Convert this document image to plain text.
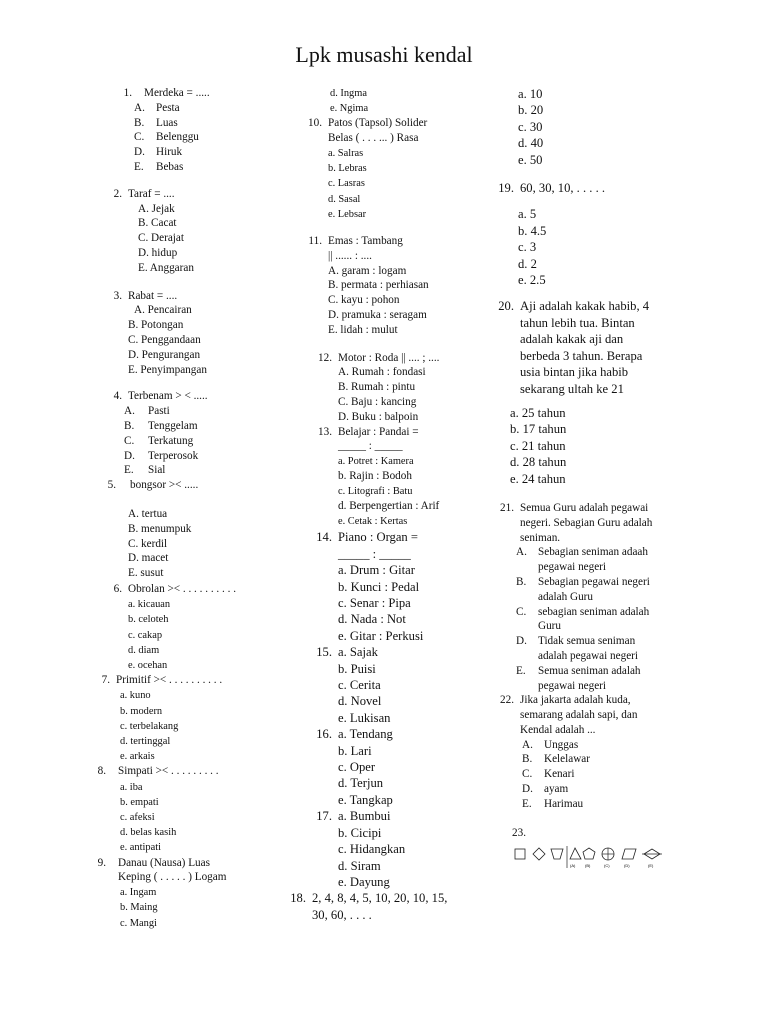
Lpk musashi kendal
1.	Merdeka = .....
A. Pesta
B.	Luas
C.	Belenggu
D. Hiruk
E.	Bebas
2. Taraf = ....
A. Jejak
B. Cacat
C. Derajat
D. hidup
E. Anggaran
3. Rabat = ....
A. Pencairan
B. Potongan
C. Penggandaan
D. Pengurangan
E. Penyimpangan
4. Terbenam > < .....
A.	Pasti
B.	Tenggelam
C.	Terkatung
D.	Terperosok
E.	Sial
5.	bongsor >< .....
A. tertua
B. menumpuk
C. kerdil
D. macet
E. susut
6. Obrolan >< . . . . . . . . . .
a. kicauan
b. celoteh
c. cakap
d. diam
e. ocehan
7. Primitif >< . . . . . . . . . .
a. kuno
b. modern
c. terbelakang
d. tertinggal
e. arkais
8.	Simpati >< . . . . . . . . .
a. iba
b. empati
c. afeksi
d. belas kasih
e. antipati
9.	Danau (Nausa) Luas
Keping ( . . . . . ) Logam
a. Ingam
b. Maing
c. Mangi
d. Ingma
e. Ngima
10. Patos (Tapsol) Solider
Belas ( . . . ... ) Rasa
a. Salras
b. Lebras
c. Lasras
d. Sasal
e. Lebsar
11. Emas : Tambang
|| ...... : ....
A. garam : logam
B. permata : perhiasan
C. kayu : pohon
D. pramuka : seragam
E. lidah : mulut
12. Motor : Roda || .... ; ....
A. Rumah : fondasi
B. Rumah : pintu
C. Baju : kancing
D. Buku : balpoin
13. Belajar : Pandai =
_____ : _____
a. Potret : Kamera
b. Rajin : Bodoh
c. Litografi : Batu
d. Berpengertian : Arif
e. Cetak : Kertas
14. Piano : Organ =
_____ : _____
a. Drum : Gitar
b. Kunci : Pedal
c. Senar : Pipa
d. Nada : Not
e. Gitar : Perkusi
15. a. Sajak
b. Puisi
c. Cerita
d. Novel
e. Lukisan
16. a. Tendang
b. Lari
c. Oper
d. Terjun
e. Tangkap
17. a. Bumbui
b. Cicipi
c. Hidangkan
d. Siram
e. Dayung
18. 2, 4, 8, 4, 5, 10, 20, 10, 15,
30, 60, . . . .
a. 10
b. 20
c. 30
d. 40
e. 50
19. 60, 30, 10, . . . . .
a. 5
b. 4.5
c. 3
d. 2
e. 2.5
20. Aji adalah kakak habib, 4
tahun lebih tua. Bintan
adalah kakak aji dan
berbeda 3 tahun. Berapa
usia bintan jika habib
sekarang ultah ke 21
a. 25 tahun
b. 17 tahun
c. 21 tahun
d. 28 tahun
e. 24 tahun
21. Semua Guru adalah pegawai
negeri. Sebagian Guru adalah
seniman.
A. Sebagian seniman adaah
pegawai negeri
B.	Sebagian pegawai negeri
adalah Guru
C.	sebagian seniman adalah
Guru
D. Tidak semua seniman
adalah pegawai negeri
E.	Semua seniman adalah
pegawai negeri
22. Jika jakarta adalah kuda,
semarang adalah sapi, dan
Kendal adalah ...
A. Unggas
B.	Kelelawar
C.	Kenari
D. ayam
E.	Harimau
23.
(A) (B)	(C)	(D)	(E)
